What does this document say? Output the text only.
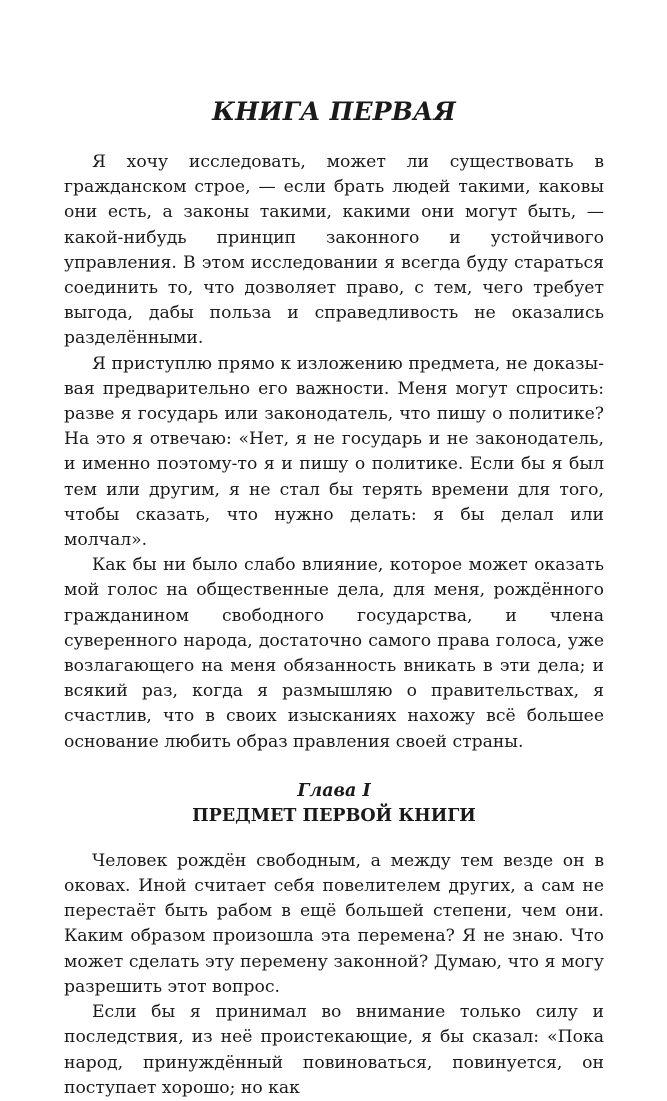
КНИГА ПЕРВАЯ

Я хочу исследовать, может ли существовать в гражданском строе, — если брать людей такими, каковы они есть, а законы такими, какими они могут быть, — какой-нибудь принцип законного и устойчивого управления. В этом исследовании я всегда буду стараться соединить то, что дозволяет право, с тем, чего требует выгода, дабы польза и справедливость не оказались разделёнными.

Я приступлю прямо к изложению предмета, не доказывая предварительно его важности. Меня могут спросить: разве я государь или законодатель, что пишу о политике? На это я отвечаю: «Нет, я не государь и не законодатель, и именно поэтому-то я и пишу о политике. Если бы я был тем или другим, я не стал бы терять времени для того, чтобы сказать, что нужно делать: я бы делал или молчал».

Как бы ни было слабо влияние, которое может оказать мой голос на общественные дела, для меня, рождённого гражданином свободного государства, и члена суверенного народа, достаточно самого права голоса, уже возлагающего на меня обязанность вникать в эти дела; и всякий раз, когда я размышляю о правительствах, я счастлив, что в своих изысканиях нахожу всё большее основание любить образ правления своей страны.

Глава I
ПРЕДМЕТ ПЕРВОЙ КНИГИ

Человек рождён свободным, а между тем везде он в оковах. Иной считает себя повелителем других, а сам не перестаёт быть рабом в ещё большей степени, чем они. Каким образом произошла эта перемена? Я не знаю. Что может сделать эту перемену законной? Думаю, что я могу разрешить этот вопрос.

Если бы я принимал во внимание только силу и последствия, из неё проистекающие, я бы сказал: «Пока народ, принуждённый повиноваться, повинуется, он поступает хорошо; но как
